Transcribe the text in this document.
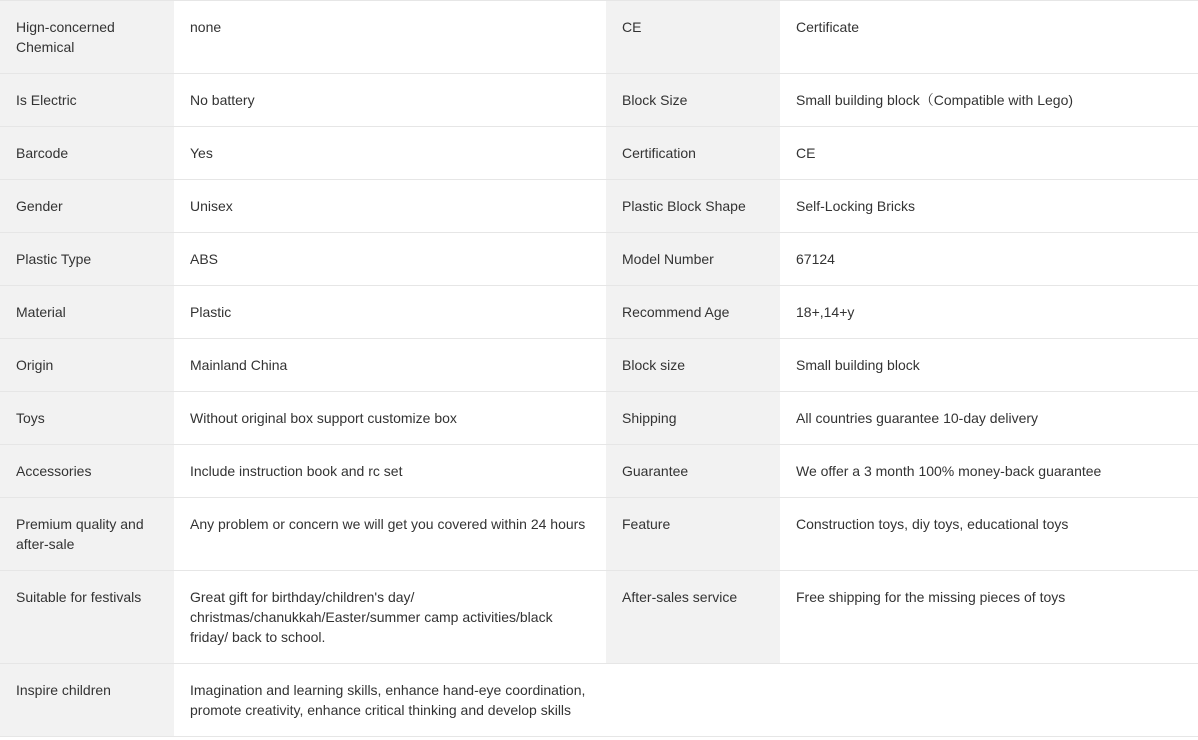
Hign-concerned Chemical	none	CE	Certificate
Is Electric	No battery	Block Size	Small building block（Compatible with Lego)
Barcode	Yes	Certification	CE
Gender	Unisex	Plastic Block Shape	Self-Locking Bricks
Plastic Type	ABS	Model Number	67124
Material	Plastic	Recommend Age	18+,14+y
Origin	Mainland China	Block size	Small building block
Toys	Without original box support customize box	Shipping	All countries guarantee 10-day delivery
Accessories	Include instruction book and rc set	Guarantee	We offer a 3 month 100% money-back guarantee
Premium quality and after-sale	Any problem or concern we will get you covered within 24 hours	Feature	Construction toys, diy toys, educational toys
Suitable for festivals	Great gift for birthday/children's day/ christmas/chanukkah/Easter/summer camp activities/black friday/ back to school.	After-sales service	Free shipping for the missing pieces of toys
Inspire children	Imagination and learning skills, enhance hand-eye coordination, promote creativity, enhance critical thinking and develop skills		
